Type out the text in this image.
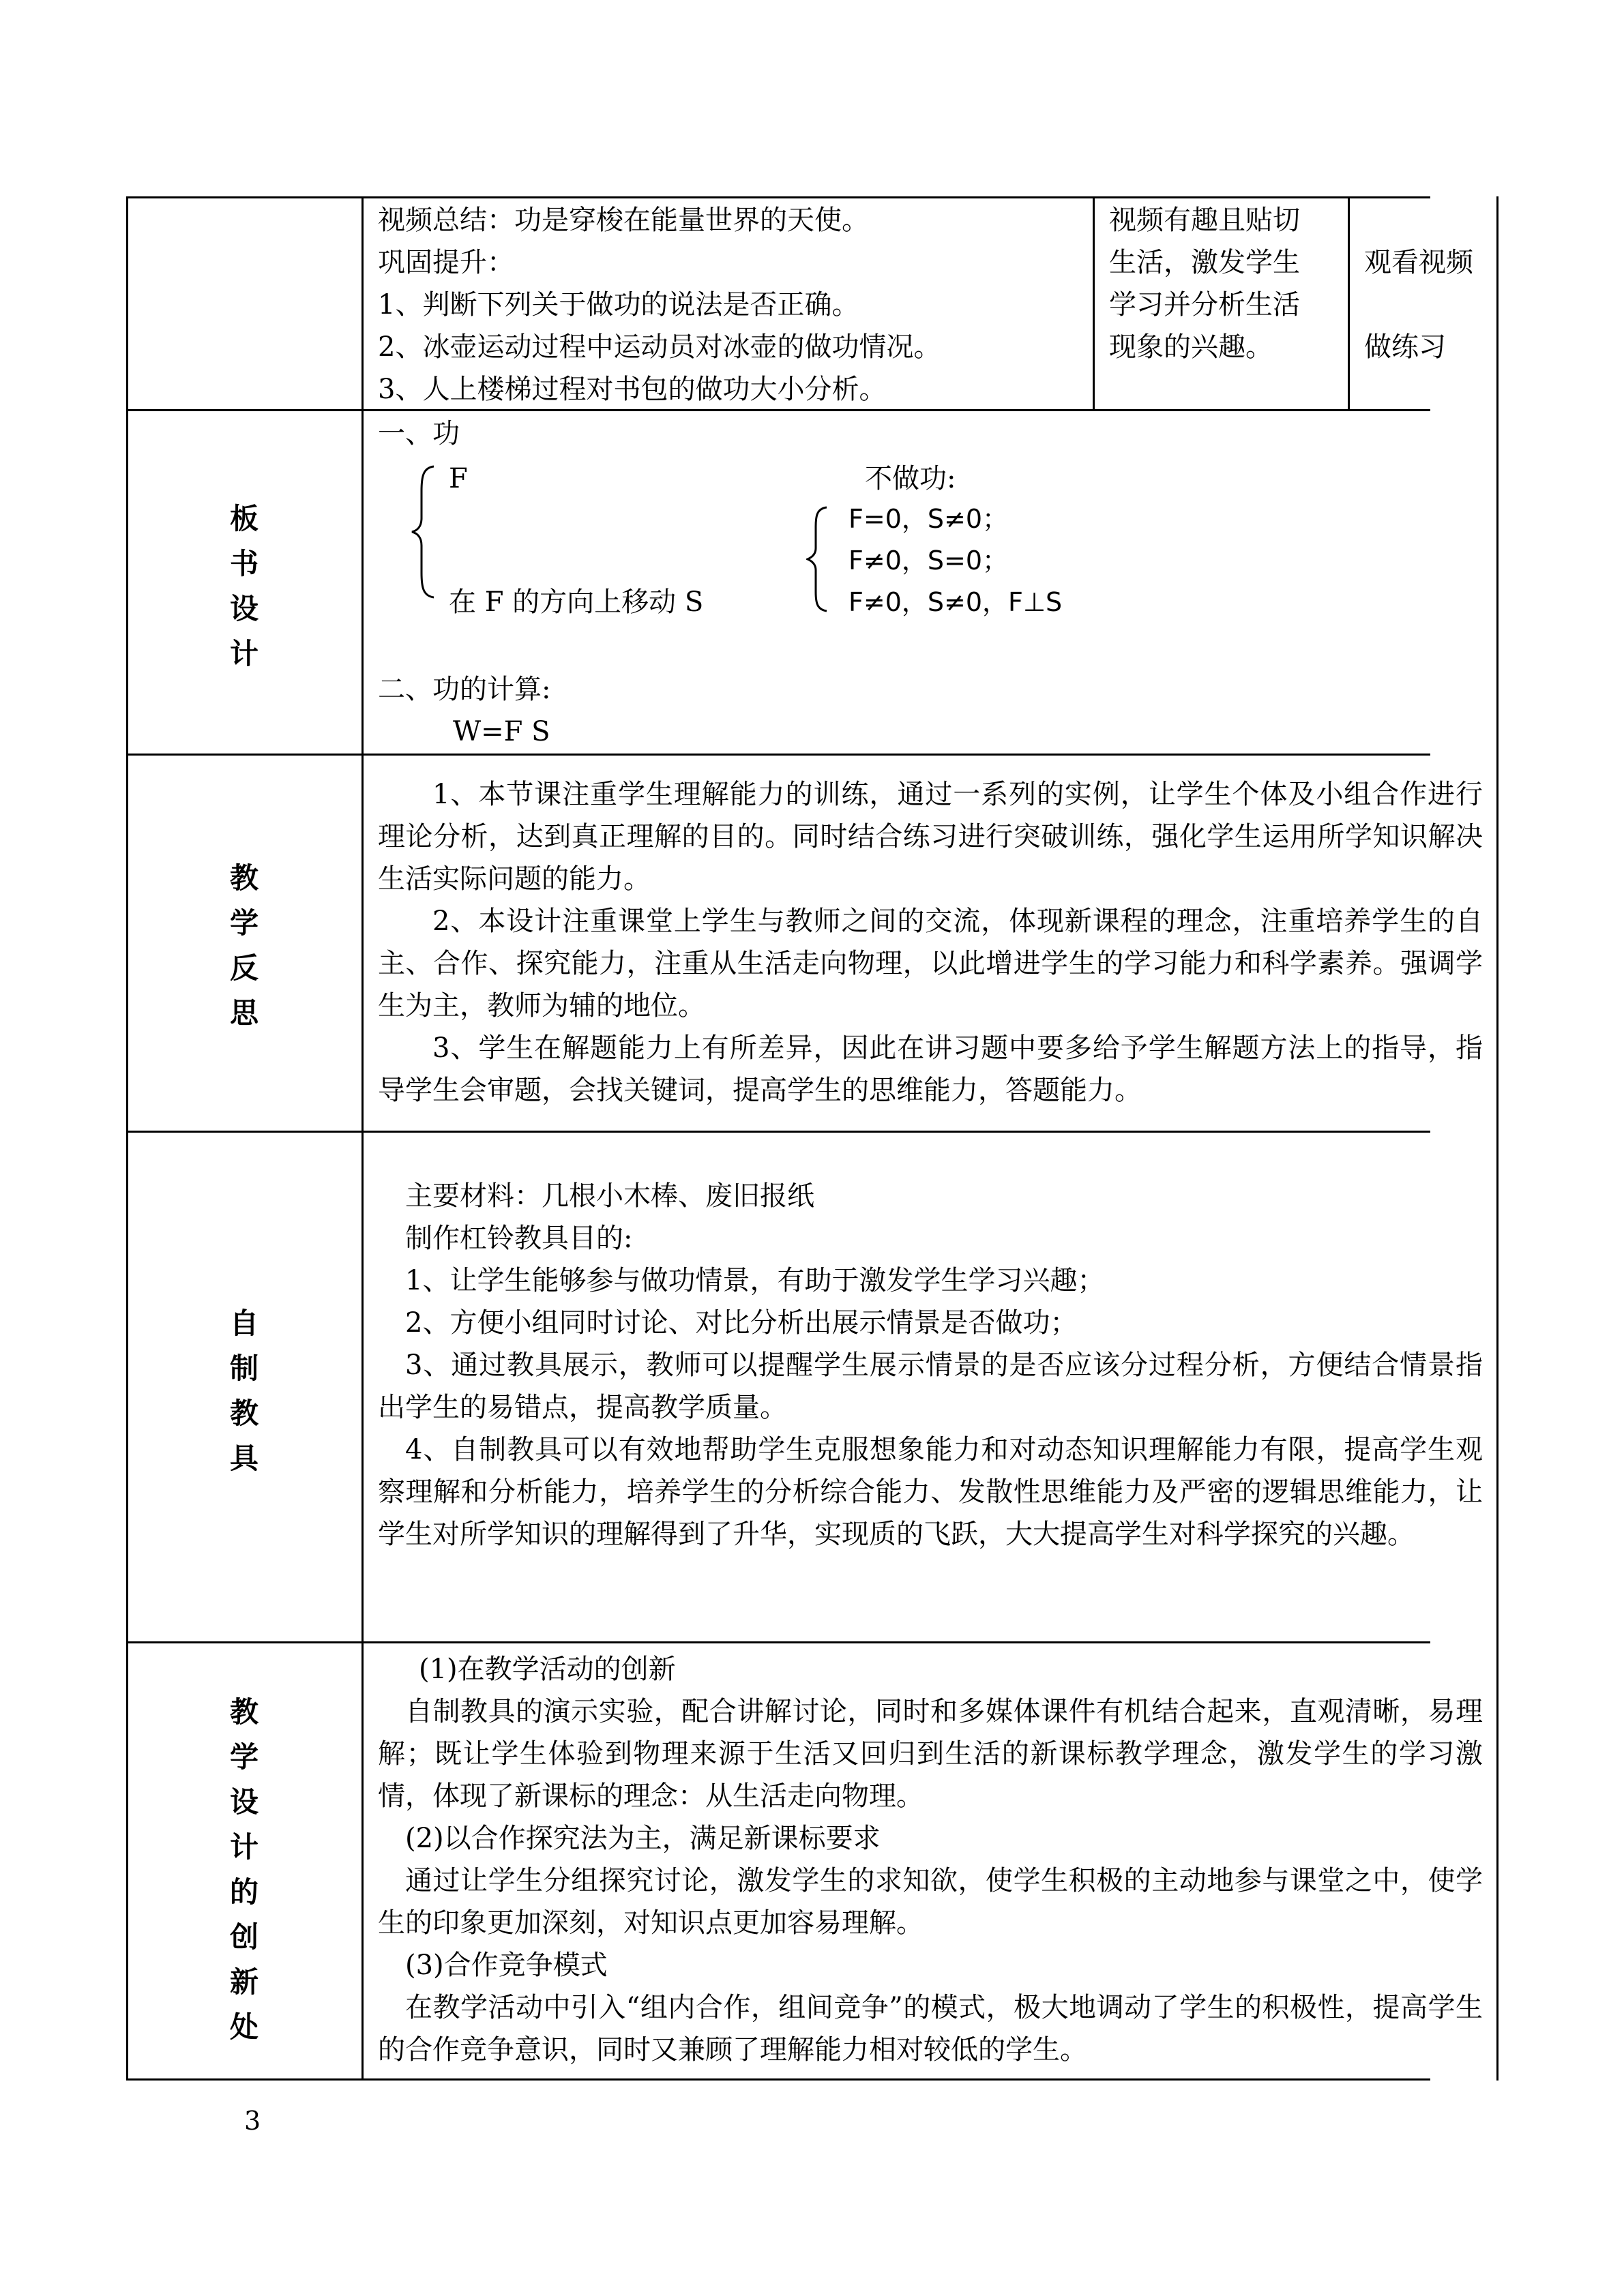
视频总结：功是穿梭在能量世界的天使。
巩固提升：
1、判断下列关于做功的说法是否正确。
2、冰壶运动过程中运动员对冰壶的做功情况。
3、人上楼梯过程对书包的做功大小分析。
视频有趣且贴切
生活，激发学生
学习并分析生活
现象的兴趣。
观看视频
做练习
板
书
设
计
一、功
F
在 F 的方向上移动 S
不做功:
F=0，S≠0；
F≠0，S=0；
F≠0，S≠0，F⊥S
二、功的计算:
W=F S
教
学
反
思
1、本节课注重学生理解能力的训练，通过一系列的实例，让学生个体及小组合作进行理论分析，达到真正理解的目的。同时结合练习进行突破训练，强化学生运用所学知识解决生活实际问题的能力。
2、本设计注重课堂上学生与教师之间的交流，体现新课程的理念，注重培养学生的自主、合作、探究能力，注重从生活走向物理，以此增进学生的学习能力和科学素养。强调学生为主，教师为辅的地位。
3、学生在解题能力上有所差异，因此在讲习题中要多给予学生解题方法上的指导，指导学生会审题，会找关键词，提高学生的思维能力，答题能力。
自
制
教
具
主要材料：几根小木棒、废旧报纸
制作杠铃教具目的:
1、让学生能够参与做功情景，有助于激发学生学习兴趣；
2、方便小组同时讨论、对比分析出展示情景是否做功；
3、通过教具展示，教师可以提醒学生展示情景的是否应该分过程分析，方便结合情景指出学生的易错点，提高教学质量。
4、自制教具可以有效地帮助学生克服想象能力和对动态知识理解能力有限，提高学生观察理解和分析能力，培养学生的分析综合能力、发散性思维能力及严密的逻辑思维能力，让学生对所学知识的理解得到了升华，实现质的飞跃，大大提高学生对科学探究的兴趣。
教
学
设
计
的
创
新
处
(1)在教学活动的创新
自制教具的演示实验，配合讲解讨论，同时和多媒体课件有机结合起来，直观清晰，易理解；既让学生体验到物理来源于生活又回归到生活的新课标教学理念，激发学生的学习激情，体现了新课标的理念：从生活走向物理。
(2)以合作探究法为主，满足新课标要求
通过让学生分组探究讨论，激发学生的求知欲，使学生积极的主动地参与课堂之中，使学生的印象更加深刻，对知识点更加容易理解。
(3)合作竞争模式
在教学活动中引入“组内合作，组间竞争”的模式，极大地调动了学生的积极性，提高学生的合作竞争意识，同时又兼顾了理解能力相对较低的学生。
3
